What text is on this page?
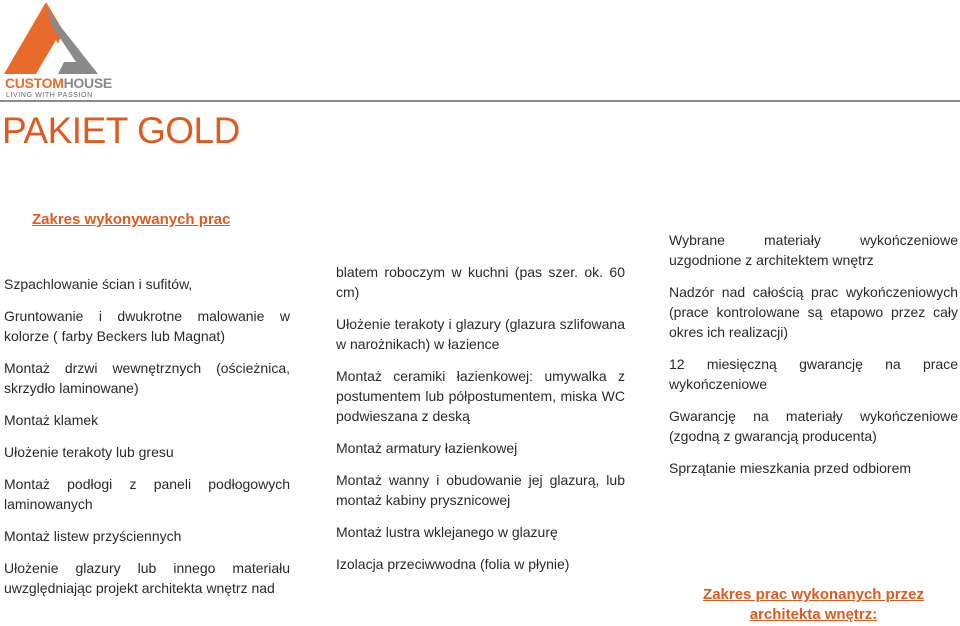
CUSTOMHOUSE
LIVING WITH PASSION
PAKIET GOLD
Zakres wykonywanych prac

Szpachlowanie ścian i sufitów,

Gruntowanie i dwukrotne malowanie w kolorze ( farby Beckers lub Magnat)

Montaż drzwi wewnętrznych (ościeżnica, skrzydło laminowane)

Montaż klamek

Ułożenie terakoty lub gresu

Montaż podłogi z paneli podłogowych laminowanych

Montaż listew przyściennych

Ułożenie glazury lub innego materiału uwzględniając projekt architekta wnętrz nad

blatem roboczym w kuchni (pas szer. ok. 60 cm)

Ułożenie terakoty i glazury (glazura szlifowana w narożnikach) w łazience

Montaż ceramiki łazienkowej: umywalka z postumentem lub półpostumentem, miska WC podwieszana z deską

Montaż armatury łazienkowej

Montaż wanny i obudowanie jej glazurą, lub montaż kabiny prysznicowej

Montaż lustra wklejanego w glazurę

Izolacja przeciwwodna (folia w płynie)

Wybrane materiały wykończeniowe uzgodnione z architektem wnętrz

Nadzór nad całością prac wykończeniowych (prace kontrolowane są etapowo przez cały okres ich realizacji)

12 miesięczną gwarancję na prace wykończeniowe

Gwarancję na materiały wykończeniowe (zgodną z gwarancją producenta)

Sprzątanie mieszkania przed odbiorem

Zakres prac wykonanych przez architekta wnętrz:
